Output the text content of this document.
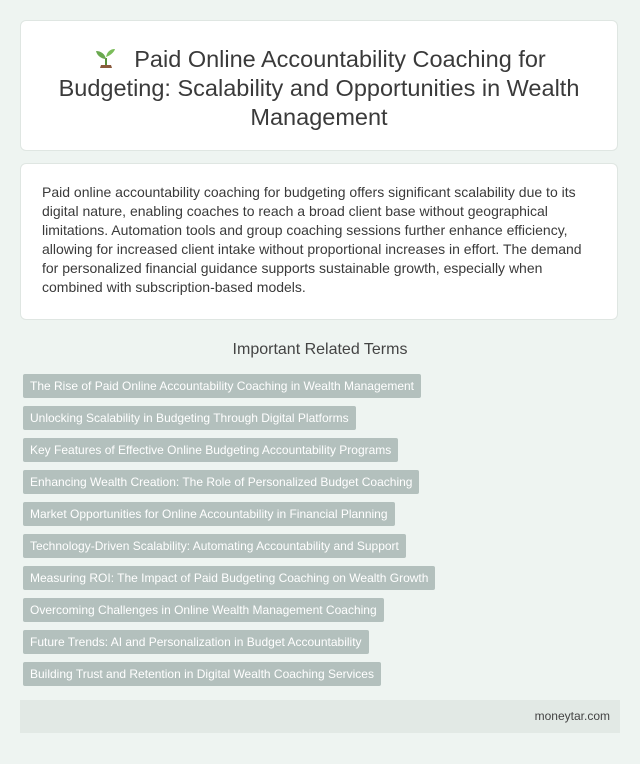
Paid Online Accountability Coaching for Budgeting: Scalability and Opportunities in Wealth Management

Paid online accountability coaching for budgeting offers significant scalability due to its digital nature, enabling coaches to reach a broad client base without geographical limitations. Automation tools and group coaching sessions further enhance efficiency, allowing for increased client intake without proportional increases in effort. The demand for personalized financial guidance supports sustainable growth, especially when combined with subscription-based models.

Important Related Terms
The Rise of Paid Online Accountability Coaching in Wealth Management
Unlocking Scalability in Budgeting Through Digital Platforms
Key Features of Effective Online Budgeting Accountability Programs
Enhancing Wealth Creation: The Role of Personalized Budget Coaching
Market Opportunities for Online Accountability in Financial Planning
Technology-Driven Scalability: Automating Accountability and Support
Measuring ROI: The Impact of Paid Budgeting Coaching on Wealth Growth
Overcoming Challenges in Online Wealth Management Coaching
Future Trends: AI and Personalization in Budget Accountability
Building Trust and Retention in Digital Wealth Coaching Services
moneytar.com
